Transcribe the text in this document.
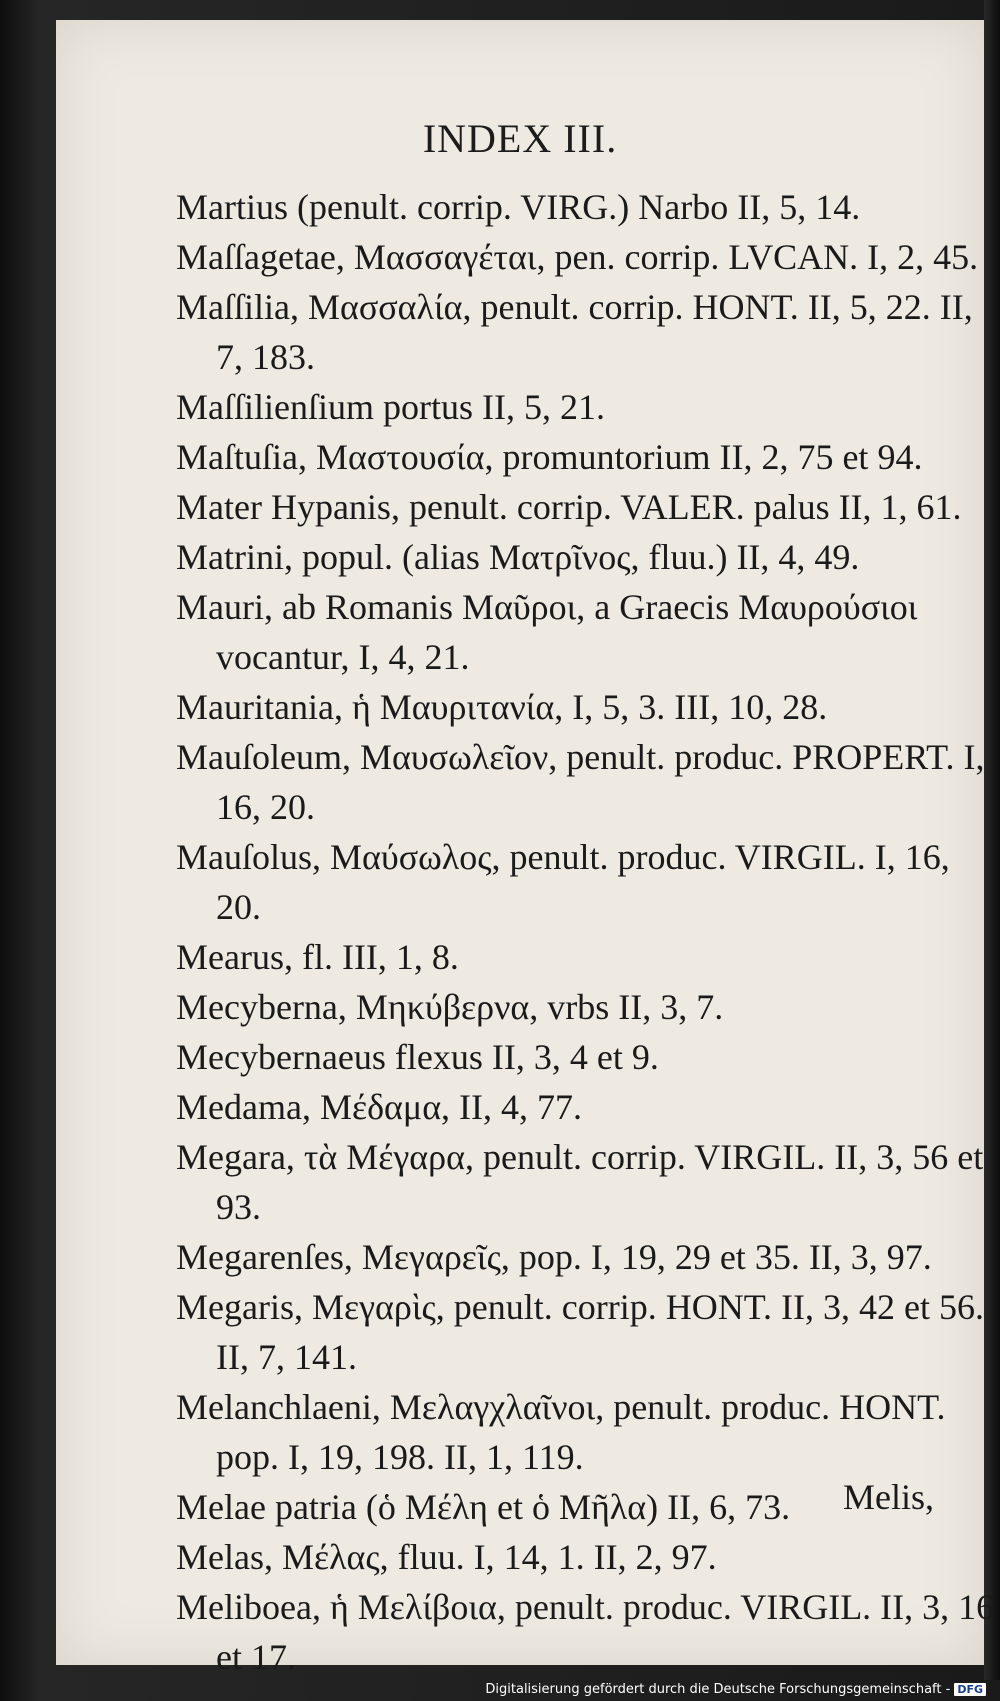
INDEX III.
Martius (penult. corrip. VIRG.) Narbo II, 5, 14.
Maſſagetae, Μασσαγέται, pen. corrip. LVCAN. I, 2, 45.
Maſſilia, Μασσαλία, penult. corrip. HONT. II, 5, 22. II, 7, 183.
Maſſilienſium portus II, 5, 21.
Maſtuſia, Μαστουσία, promuntorium II, 2, 75 et 94.
Mater Hypanis, penult. corrip. VALER. palus II, 1, 61.
Matrini, popul. (alias Ματρῖνος, fluu.) II, 4, 49.
Mauri, ab Romanis Μαῦροι, a Graecis Μαυρούσιοι vocantur, I, 4, 21.
Mauritania, ἡ Μαυριτανία, I, 5, 3. III, 10, 28.
Mauſoleum, Μαυσωλεῖον, penult. produc. PROPERT. I, 16, 20.
Mauſolus, Μαύσωλος, penult. produc. VIRGIL. I, 16, 20.
Mearus, fl. III, 1, 8.
Mecyberna, Μηκύβερνα, vrbs II, 3, 7.
Mecybernaeus flexus II, 3, 4 et 9.
Medama, Μέδαμα, II, 4, 77.
Megara, τὰ Μέγαρα, penult. corrip. VIRGIL. II, 3, 56 et 93.
Megarenſes, Μεγαρεῖς, pop. I, 19, 29 et 35. II, 3, 97.
Megaris, Μεγαρὶς, penult. corrip. HONT. II, 3, 42 et 56. II, 7, 141.
Melanchlaeni, Μελαγχλαῖνοι, penult. produc. HONT. pop. I, 19, 198. II, 1, 119.
Melae patria (ὁ Μέλη et ὁ Μῆλα) II, 6, 73.
Melas, Μέλας, fluu. I, 14, 1. II, 2, 97.
Meliboea, ἡ Μελίβοια, penult. produc. VIRGIL. II, 3, 16 et 17.
Melis,
Digitalisierung gefördert durch die Deutsche Forschungsgemeinschaft - DFG
